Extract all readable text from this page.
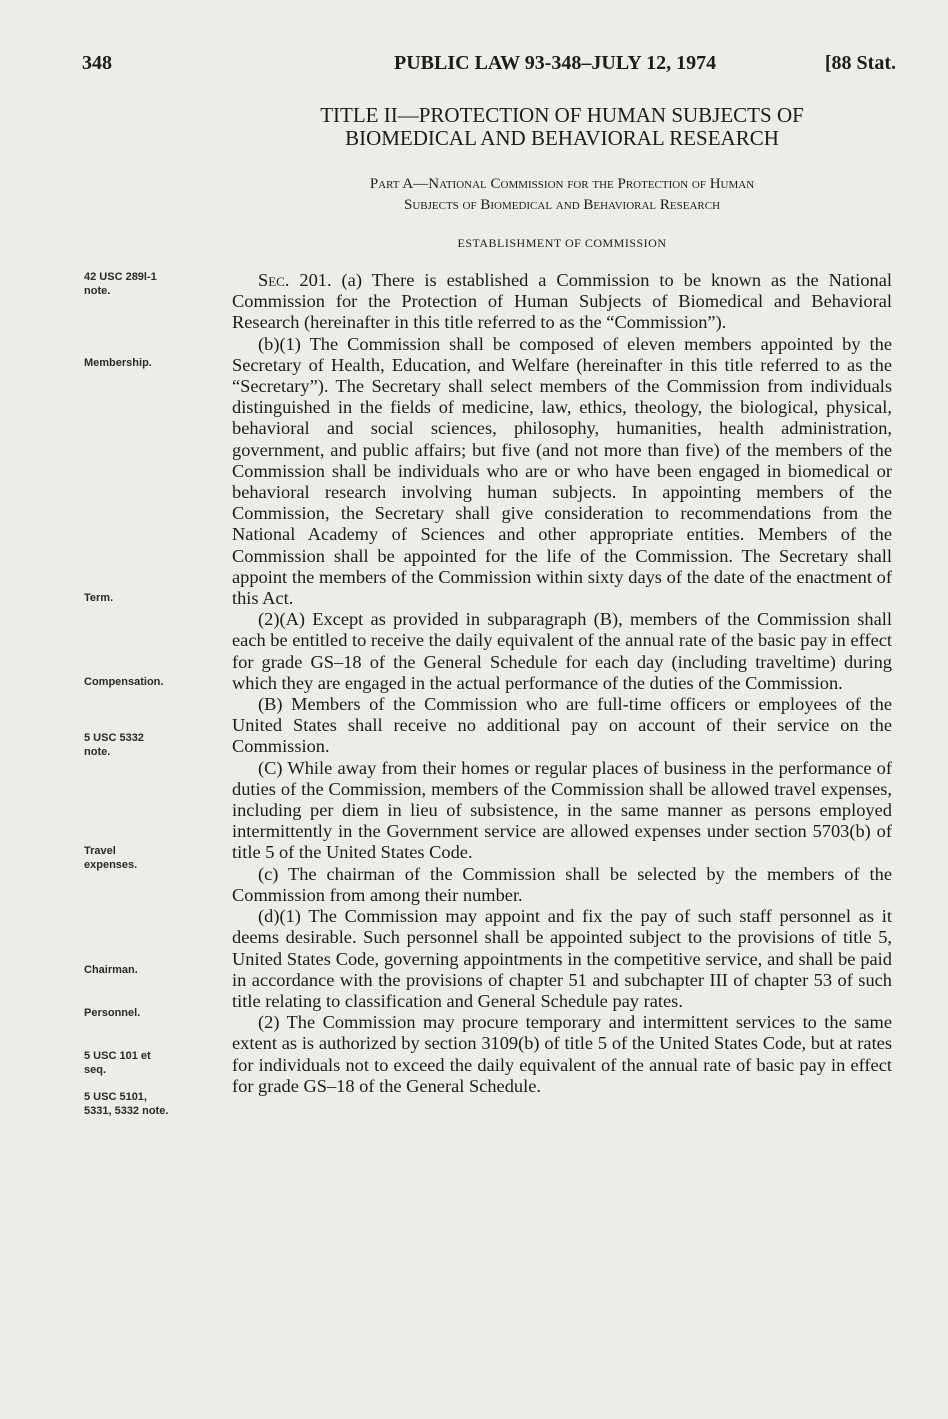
348	PUBLIC LAW 93-348–JULY 12, 1974	[88 Stat.
TITLE II—PROTECTION OF HUMAN SUBJECTS OF
BIOMEDICAL AND BEHAVIORAL RESEARCH
Part A—National Commission for the Protection of Human
Subjects of Biomedical and Behavioral Research
ESTABLISHMENT OF COMMISSION
42 USC 289l-1
note.
Membership.
Term.
Compensation.
5 USC 5332
note.
Travel
expenses.
Chairman.
Personnel.
5 USC 101 et
seq.
5 USC 5101,
5331, 5332 note.

Sec. 201. (a) There is established a Commission to be known as the National Commission for the Protection of Human Subjects of Biomedical and Behavioral Research (hereinafter in this title referred to as the “Commission”).

(b)(1) The Commission shall be composed of eleven members appointed by the Secretary of Health, Education, and Welfare (hereinafter in this title referred to as the “Secretary”). The Secretary shall select members of the Commission from individuals distinguished in the fields of medicine, law, ethics, theology, the biological, physical, behavioral and social sciences, philosophy, humanities, health administration, government, and public affairs; but five (and not more than five) of the members of the Commission shall be individuals who are or who have been engaged in biomedical or behavioral research involving human subjects. In appointing members of the Commission, the Secretary shall give consideration to recommendations from the National Academy of Sciences and other appropriate entities. Members of the Commission shall be appointed for the life of the Commission. The Secretary shall appoint the members of the Commission within sixty days of the date of the enactment of this Act.

(2)(A) Except as provided in subparagraph (B), members of the Commission shall each be entitled to receive the daily equivalent of the annual rate of the basic pay in effect for grade GS–18 of the General Schedule for each day (including traveltime) during which they are engaged in the actual performance of the duties of the Commission.

(B) Members of the Commission who are full-time officers or employees of the United States shall receive no additional pay on account of their service on the Commission.

(C) While away from their homes or regular places of business in the performance of duties of the Commission, members of the Commission shall be allowed travel expenses, including per diem in lieu of subsistence, in the same manner as persons employed intermittently in the Government service are allowed expenses under section 5703(b) of title 5 of the United States Code.

(c) The chairman of the Commission shall be selected by the members of the Commission from among their number.

(d)(1) The Commission may appoint and fix the pay of such staff personnel as it deems desirable. Such personnel shall be appointed subject to the provisions of title 5, United States Code, governing appointments in the competitive service, and shall be paid in accordance with the provisions of chapter 51 and subchapter III of chapter 53 of such title relating to classification and General Schedule pay rates.

(2) The Commission may procure temporary and intermittent services to the same extent as is authorized by section 3109(b) of title 5 of the United States Code, but at rates for individuals not to exceed the daily equivalent of the annual rate of basic pay in effect for grade GS–18 of the General Schedule.
